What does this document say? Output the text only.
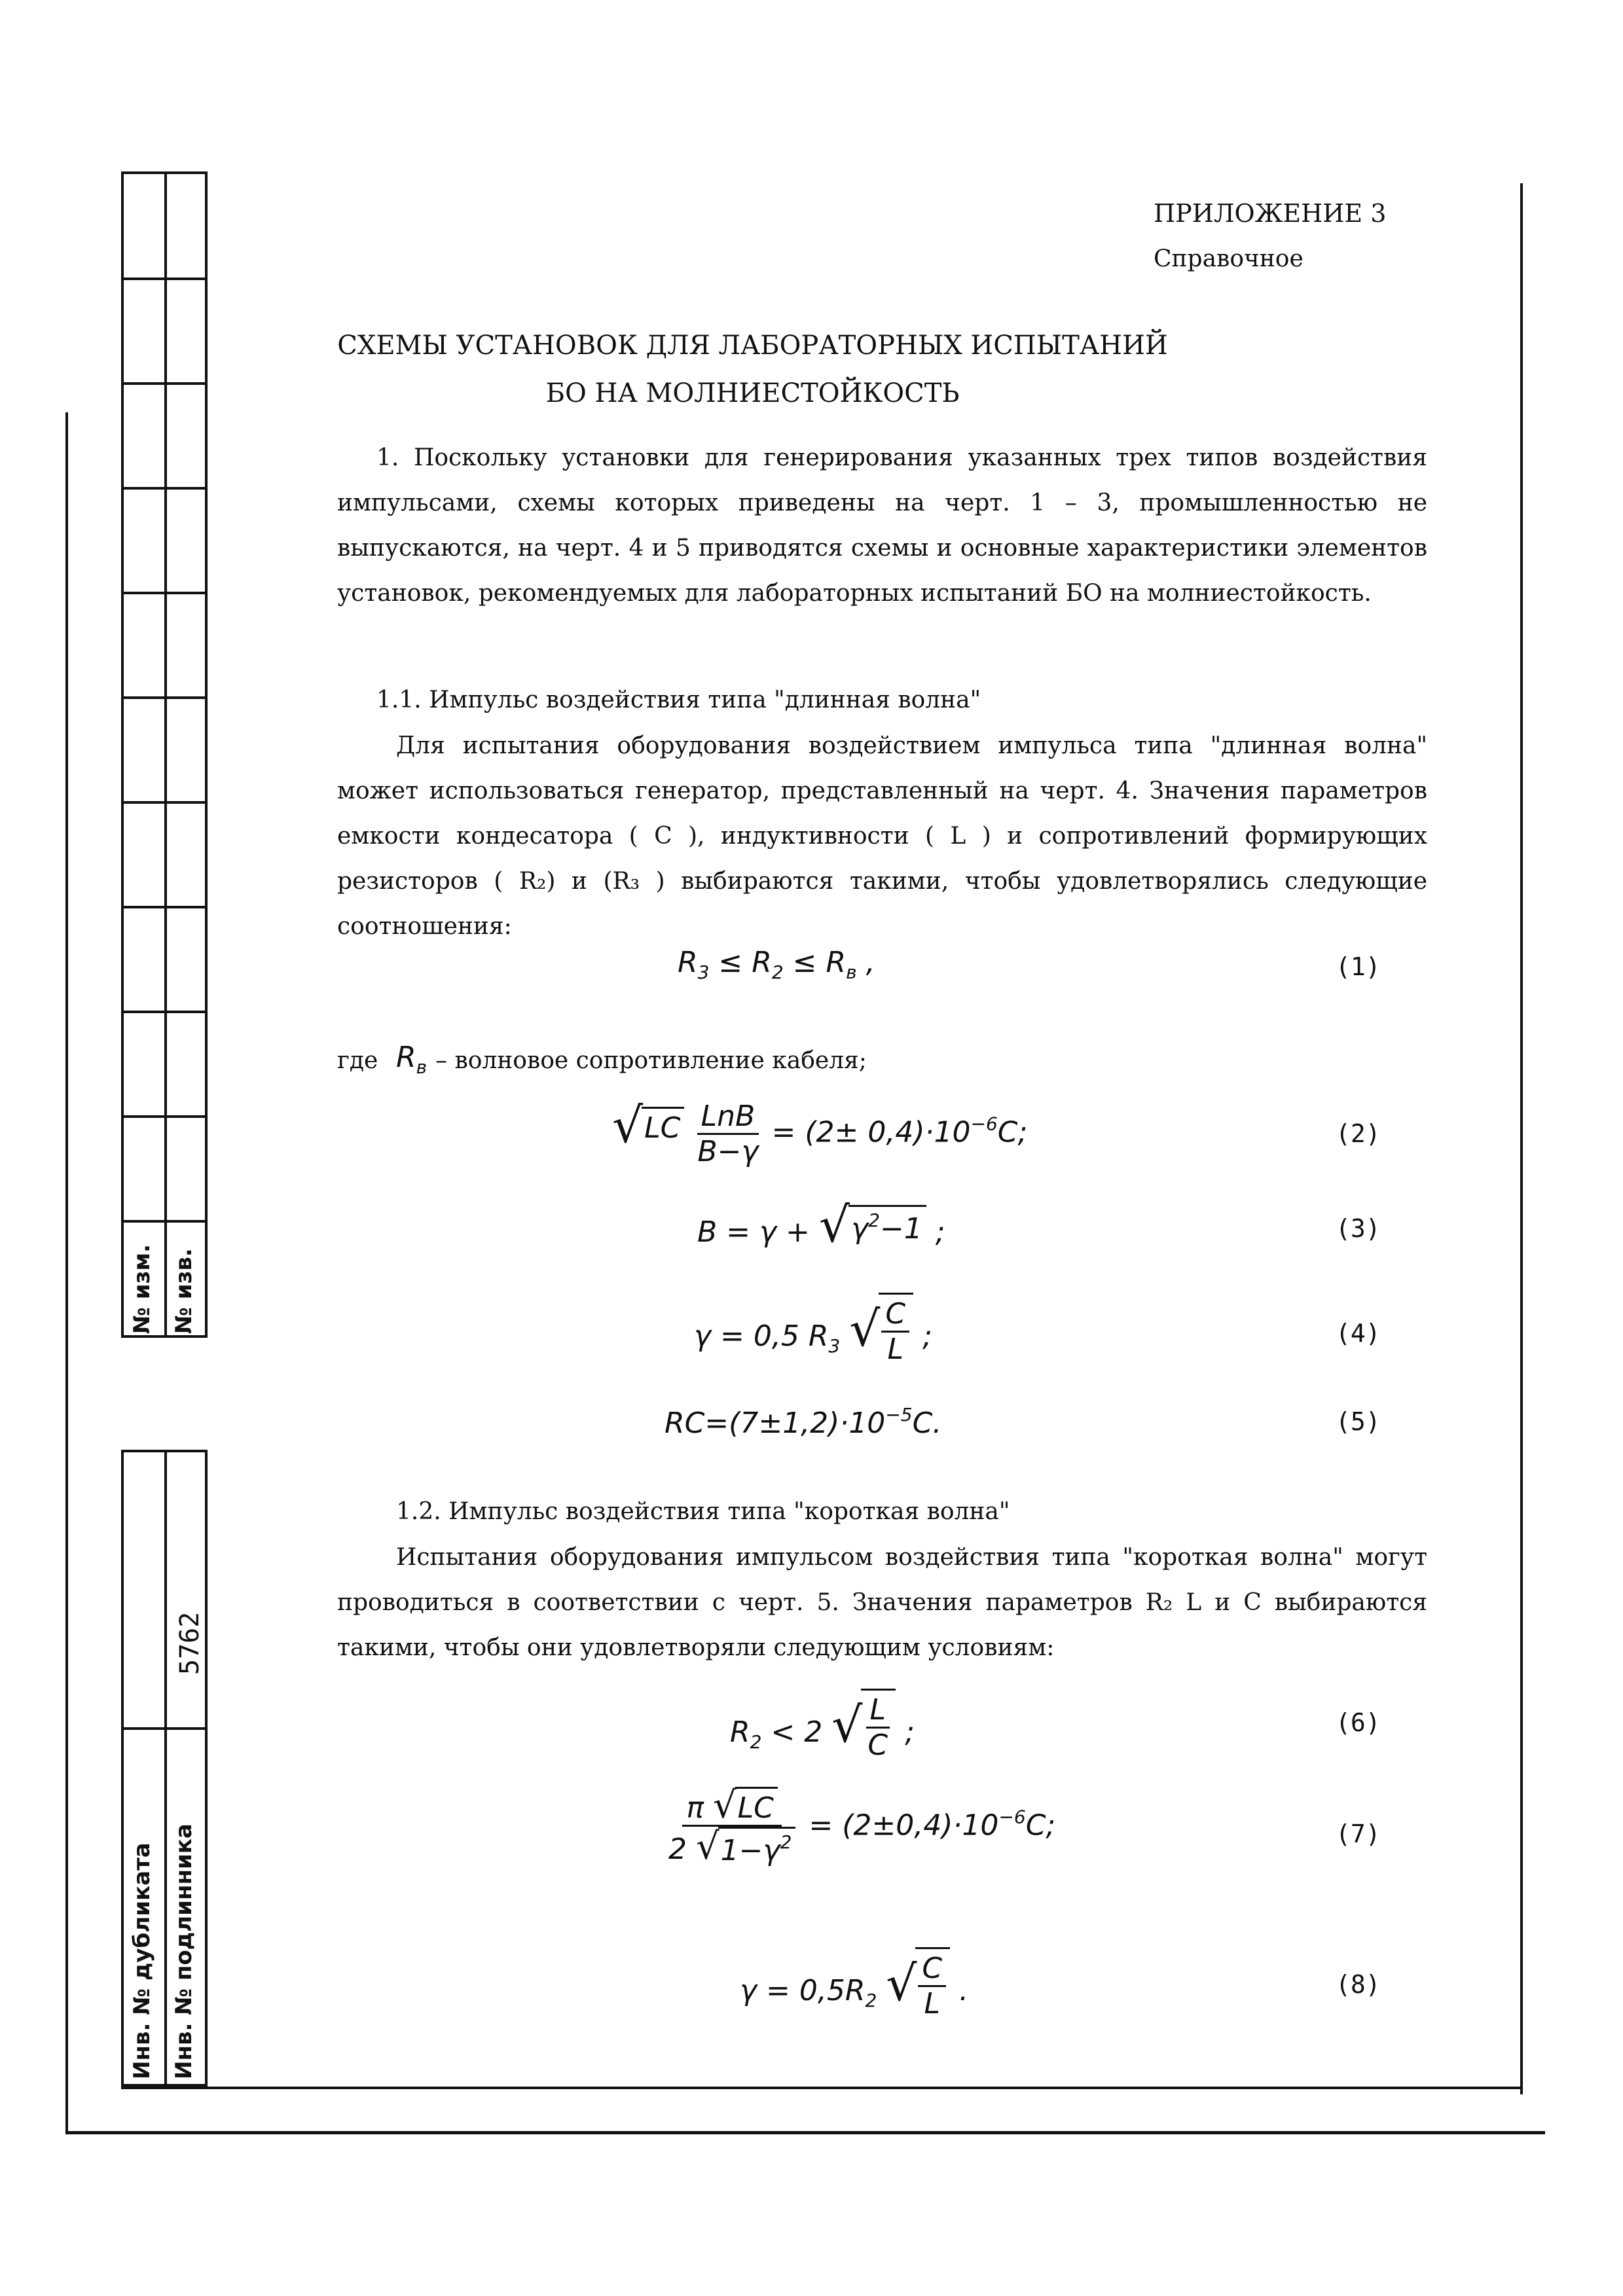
№ изм. № изв.
5762
Инв. № дубликата Инв. № подлинника
ПРИЛОЖЕНИЕ 3
Справочное
СХЕМЫ УСТАНОВОК ДЛЯ ЛАБОРАТОРНЫХ ИСПЫТАНИЙ
БО НА МОЛНИЕСТОЙКОСТЬ
1. Поскольку установки для генерирования указанных трех типов воздействия импульсами, схемы которых приведены на черт. 1 – 3, промышленностью не выпускаются, на черт. 4 и 5 приводятся схемы и основные характеристики элементов установок, рекомендуемых для лабораторных испытаний БО на молниестойкость.
1.1. Импульс воздействия типа "длинная волна"
Для испытания оборудования воздействием импульса типа "длинная волна" может использоваться генератор, представленный на черт. 4. Значения параметров емкости кондесатора ( C ), индуктивности ( L ) и сопротивлений формирующих резисторов ( R₂) и (R₃ ) выбираются такими, чтобы удовлетворялись следующие соотношения:
$R_3 \le R_2 \le R_в$ ,	(1)
где $R_в$ – волновое сопротивление кабеля;
√ LC
$\frac{\text{LnB}}{B-\gamma} = (2\pm 0,4)\cdot 10^{-6}C$;	(2)
B = γ + √ $\gamma^2-1$ ;	(3)
γ = 0,5 $R_3$ √ $\frac{C}{L}$ ;	(4)
$RC=(7\pm 1,2)\cdot 10^{-5}C$.	(5)
1.2. Импульс воздействия типа "короткая волна"
Испытания оборудования импульсом воздействия типа "короткая волна" могут проводиться в соответствии с черт. 5. Значения параметров R₂ L и C выбираются такими, чтобы они удовлетворяли следующим условиям:
$R_2 < 2$ √ $\frac{L}{C}$ ;	(6)
$\frac{\pi √ LC}{2 √ 1-\gamma^2} = (2\pm 0,4)\cdot 10^{-6}C$;	(7)
$\gamma = 0,5R_2$ √ $\frac{C}{L}$ .	(8)
